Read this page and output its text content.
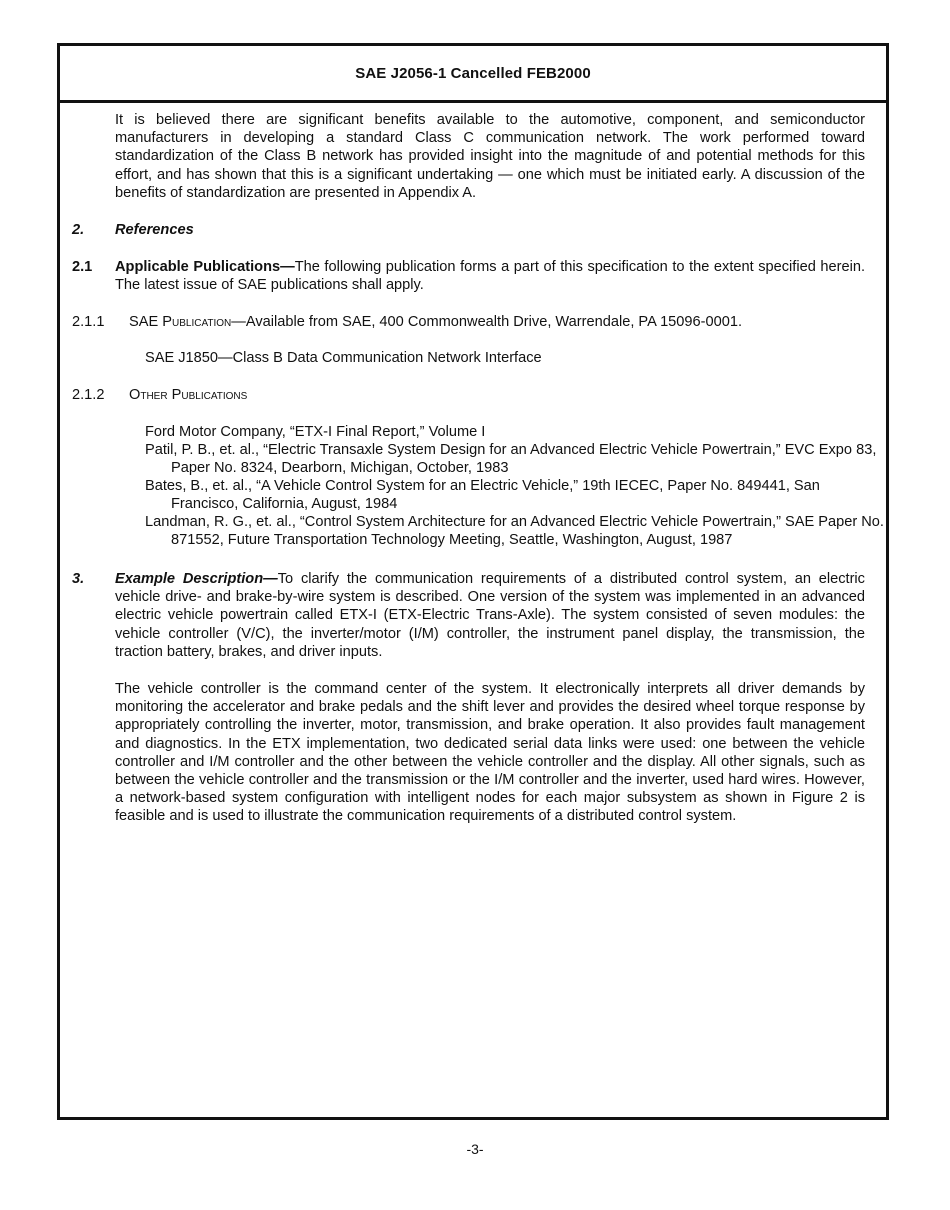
SAE J2056-1 Cancelled FEB2000

It is believed there are significant benefits available to the automotive, component, and semiconductor manufacturers in developing a standard Class C communication network. The work performed toward standardization of the Class B network has provided insight into the magnitude of and potential methods for this effort, and has shown that this is a significant undertaking — one which must be initiated early. A discussion of the benefits of standardization are presented in Appendix A.

2. References

2.1 Applicable Publications—The following publication forms a part of this specification to the extent specified herein. The latest issue of SAE publications shall apply.

2.1.1 SAE Publication—Available from SAE, 400 Commonwealth Drive, Warrendale, PA 15096-0001.

SAE J1850—Class B Data Communication Network Interface

2.1.2 Other Publications

Ford Motor Company, “ETX-I Final Report,” Volume I

Patil, P. B., et. al., “Electric Transaxle System Design for an Advanced Electric Vehicle Powertrain,” EVC Expo 83, Paper No. 8324, Dearborn, Michigan, October, 1983

Bates, B., et. al., “A Vehicle Control System for an Electric Vehicle,” 19th IECEC, Paper No. 849441, San Francisco, California, August, 1984

Landman, R. G., et. al., “Control System Architecture for an Advanced Electric Vehicle Powertrain,” SAE Paper No. 871552, Future Transportation Technology Meeting, Seattle, Washington, August, 1987

3. Example Description—To clarify the communication requirements of a distributed control system, an electric vehicle drive- and brake-by-wire system is described. One version of the system was implemented in an advanced electric vehicle powertrain called ETX-I (ETX-Electric Trans-Axle). The system consisted of seven modules: the vehicle controller (V/C), the inverter/motor (I/M) controller, the instrument panel display, the transmission, the traction battery, brakes, and driver inputs.

The vehicle controller is the command center of the system. It electronically interprets all driver demands by monitoring the accelerator and brake pedals and the shift lever and provides the desired wheel torque response by appropriately controlling the inverter, motor, transmission, and brake operation. It also provides fault management and diagnostics. In the ETX implementation, two dedicated serial data links were used: one between the vehicle controller and I/M controller and the other between the vehicle controller and the display. All other signals, such as between the vehicle controller and the transmission or the I/M controller and the inverter, used hard wires. However, a network-based system configuration with intelligent nodes for each major subsystem as shown in Figure 2 is feasible and is used to illustrate the communication requirements of a distributed control system.

-3-
